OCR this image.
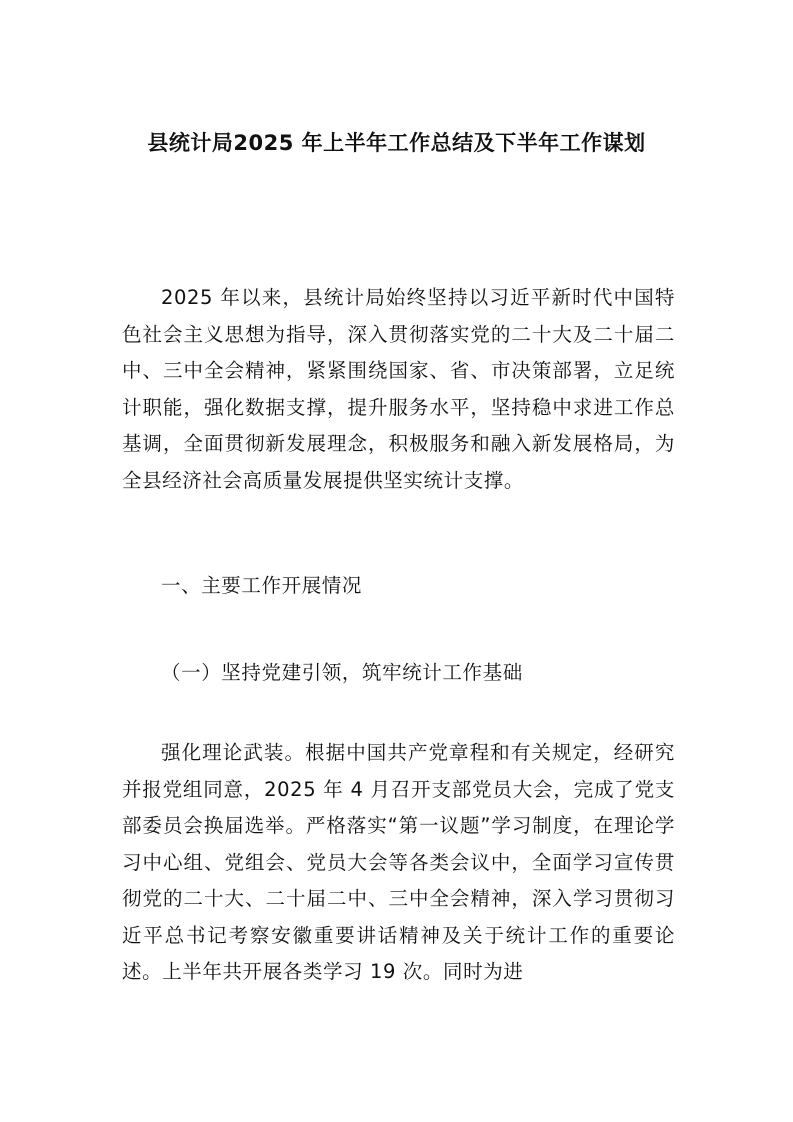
县统计局2025 年上半年工作总结及下半年工作谋划

2025 年以来，县统计局始终坚持以习近平新时代中国特色社会主义思想为指导，深入贯彻落实党的二十大及二十届二中、三中全会精神，紧紧围绕国家、省、市决策部署，立足统计职能，强化数据支撑，提升服务水平，坚持稳中求进工作总基调，全面贯彻新发展理念，积极服务和融入新发展格局，为全县经济社会高质量发展提供坚实统计支撑。

一、主要工作开展情况

（一）坚持党建引领，筑牢统计工作基础

强化理论武装。根据中国共产党章程和有关规定，经研究并报党组同意，2025 年 4 月召开支部党员大会，完成了党支部委员会换届选举。严格落实“第一议题”学习制度，在理论学习中心组、党组会、党员大会等各类会议中，全面学习宣传贯彻党的二十大、二十届二中、三中全会精神，深入学习贯彻习近平总书记考察安徽重要讲话精神及关于统计工作的重要论述。上半年共开展各类学习 19 次。同时为进
